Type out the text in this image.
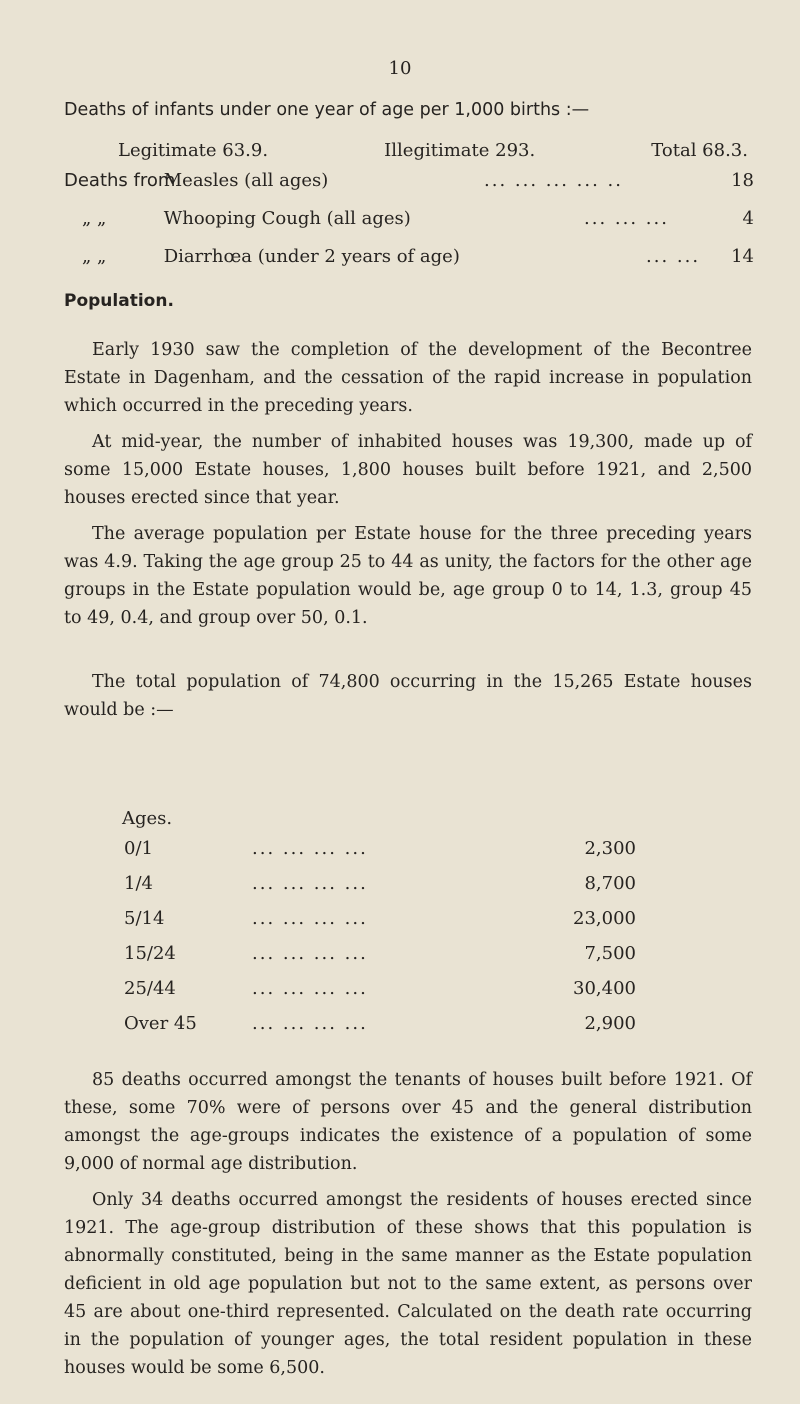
10
Deaths of infants under one year of age per 1,000 births :—
Legitimate 63.9.	Illegitimate 293.	Total 68.3.
Deaths from Measles (all ages)	... ... ... ... ..	18
„ „	Whooping Cough (all ages)	... ... ...	4
„ „	Diarrhœa (under 2 years of age)	... ... 14
Population.
Early 1930 saw the completion of the development of the Becontree Estate in Dagenham, and the cessation of the rapid increase in population which occurred in the preceding years.
At mid-year, the number of inhabited houses was 19,300, made up of some 15,000 Estate houses, 1,800 houses built before 1921, and 2,500 houses erected since that year.
The average population per Estate house for the three preceding years was 4.9. Taking the age group 25 to 44 as unity, the factors for the other age groups in the Estate population would be, age group 0 to 14, 1.3, group 45 to 49, 0.4, and group over 50, 0.1.
The total population of 74,800 occurring in the 15,265 Estate houses would be :—
Ages.
0/1	... ... ... ...	2,300
1/4	... ... ... ...	8,700
5/14	... ... ... ...	23,000
15/24	... ... ... ...	7,500
25/44	... ... ... ...	30,400
Over 45	... ... ... ...	2,900
85 deaths occurred amongst the tenants of houses built before 1921. Of these, some 70% were of persons over 45 and the general distribution amongst the age-groups indicates the existence of a population of some 9,000 of normal age distribution.
Only 34 deaths occurred amongst the residents of houses erected since 1921. The age-group distribution of these shows that this population is abnormally constituted, being in the same manner as the Estate population deficient in old age population but not to the same extent, as persons over 45 are about one-third represented. Calculated on the death rate occurring in the population of younger ages, the total resident population in these houses would be some 6,500.
